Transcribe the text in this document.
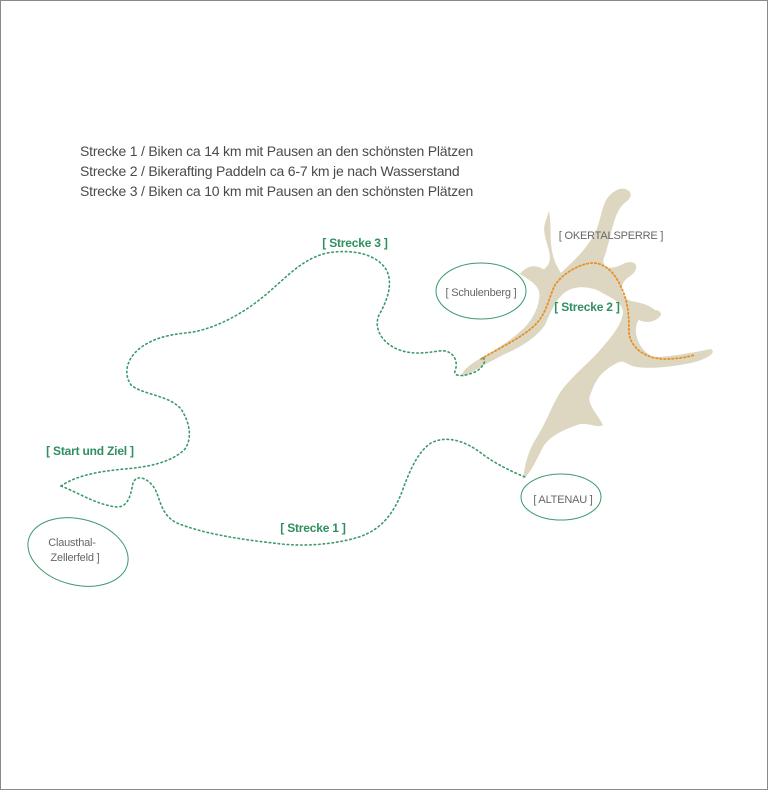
Strecke 1 / Biken ca 14 km mit Pausen an den schönsten Plätzen
Strecke 2 / Bikerafting Paddeln ca 6-7 km je nach Wasserstand
Strecke 3 / Biken ca 10 km mit Pausen an den schönsten Plätzen
[ Strecke 3 ]
[ Strecke 2 ]
[ Strecke 1 ]
[ Start und Ziel ]
[ OKERTALSPERRE ]
[ Schulenberg ]
[ ALTENAU ]
Clausthal-
Zellerfeld ]
